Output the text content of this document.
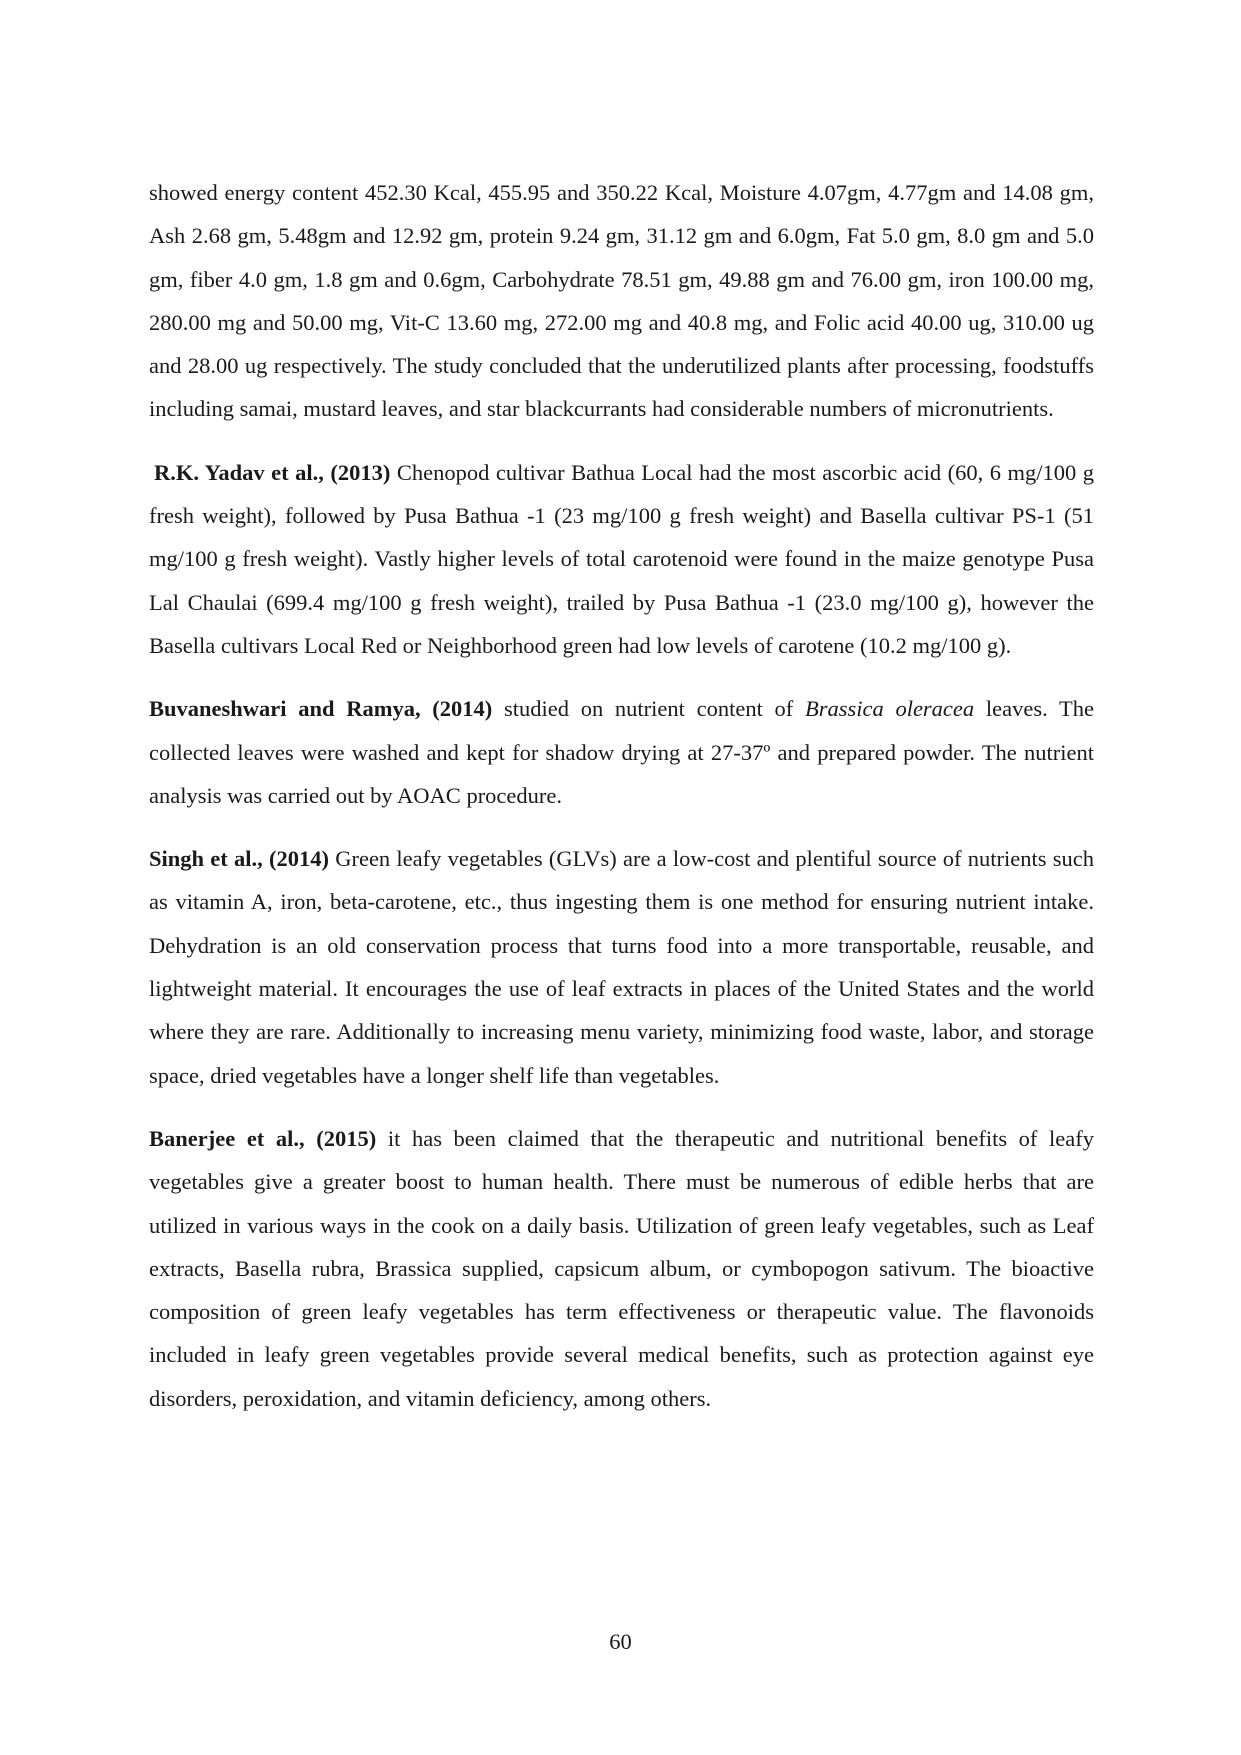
showed energy content 452.30 Kcal, 455.95 and 350.22 Kcal, Moisture 4.07gm, 4.77gm and 14.08 gm, Ash 2.68 gm, 5.48gm and 12.92 gm, protein 9.24 gm, 31.12 gm and 6.0gm, Fat 5.0 gm, 8.0 gm and 5.0 gm, fiber 4.0 gm, 1.8 gm and 0.6gm, Carbohydrate 78.51 gm, 49.88 gm and 76.00 gm, iron 100.00 mg, 280.00 mg and 50.00 mg, Vit-C 13.60 mg, 272.00 mg and 40.8 mg, and Folic acid 40.00 ug, 310.00 ug and 28.00 ug respectively. The study concluded that the underutilized plants after processing, foodstuffs including samai, mustard leaves, and star blackcurrants had considerable numbers of micronutrients.

R.K. Yadav et al., (2013) Chenopod cultivar Bathua Local had the most ascorbic acid (60, 6 mg/100 g fresh weight), followed by Pusa Bathua -1 (23 mg/100 g fresh weight) and Basella cultivar PS-1 (51 mg/100 g fresh weight). Vastly higher levels of total carotenoid were found in the maize genotype Pusa Lal Chaulai (699.4 mg/100 g fresh weight), trailed by Pusa Bathua -1 (23.0 mg/100 g), however the Basella cultivars Local Red or Neighborhood green had low levels of carotene (10.2 mg/100 g).

Buvaneshwari and Ramya, (2014) studied on nutrient content of Brassica oleracea leaves. The collected leaves were washed and kept for shadow drying at 27-37º and prepared powder. The nutrient analysis was carried out by AOAC procedure.

Singh et al., (2014) Green leafy vegetables (GLVs) are a low-cost and plentiful source of nutrients such as vitamin A, iron, beta-carotene, etc., thus ingesting them is one method for ensuring nutrient intake. Dehydration is an old conservation process that turns food into a more transportable, reusable, and lightweight material. It encourages the use of leaf extracts in places of the United States and the world where they are rare. Additionally to increasing menu variety, minimizing food waste, labor, and storage space, dried vegetables have a longer shelf life than vegetables.

Banerjee et al., (2015) it has been claimed that the therapeutic and nutritional benefits of leafy vegetables give a greater boost to human health. There must be numerous of edible herbs that are utilized in various ways in the cook on a daily basis. Utilization of green leafy vegetables, such as Leaf extracts, Basella rubra, Brassica supplied, capsicum album, or cymbopogon sativum. The bioactive composition of green leafy vegetables has term effectiveness or therapeutic value. The flavonoids included in leafy green vegetables provide several medical benefits, such as protection against eye disorders, peroxidation, and vitamin deficiency, among others.

60
